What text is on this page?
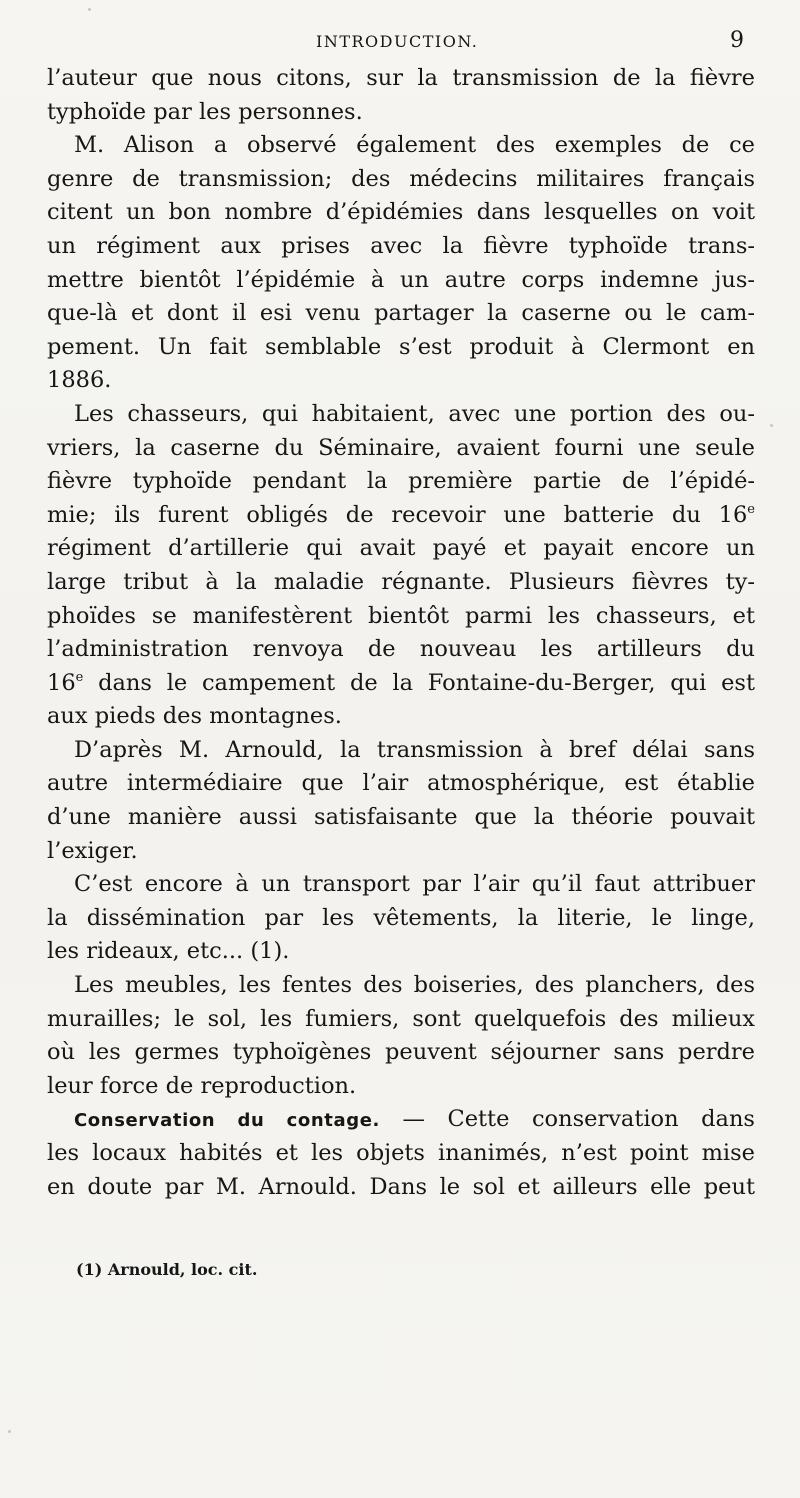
INTRODUCTION.	9
l’auteur que nous citons, sur la transmission de la fièvre
typhoïde par les personnes.
M. Alison a observé également des exemples de ce
genre de transmission; des médecins militaires français
citent un bon nombre d’épidémies dans lesquelles on voit
un régiment aux prises avec la fièvre typhoïde trans-
mettre bientôt l’épidémie à un autre corps indemne jus-
que-là et dont il esi venu partager la caserne ou le cam-
pement. Un fait semblable s’est produit à Clermont en
1886.
Les chasseurs, qui habitaient, avec une portion des ou-
vriers, la caserne du Séminaire, avaient fourni une seule
fièvre typhoïde pendant la première partie de l’épidé-
mie; ils furent obligés de recevoir une batterie du 16e
régiment d’artillerie qui avait payé et payait encore un
large tribut à la maladie régnante. Plusieurs fièvres ty-
phoïdes se manifestèrent bientôt parmi les chasseurs, et
l’administration renvoya de nouveau les artilleurs du
16e dans le campement de la Fontaine-du-Berger, qui est
aux pieds des montagnes.
D’après M. Arnould, la transmission à bref délai sans
autre intermédiaire que l’air atmosphérique, est établie
d’une manière aussi satisfaisante que la théorie pouvait
l’exiger.
C’est encore à un transport par l’air qu’il faut attribuer
la dissémination par les vêtements, la literie, le linge,
les rideaux, etc... (1).
Les meubles, les fentes des boiseries, des planchers, des
murailles; le sol, les fumiers, sont quelquefois des milieux
où les germes typhoïgènes peuvent séjourner sans perdre
leur force de reproduction.
Conservation du contage. — Cette conservation dans
les locaux habités et les objets inanimés, n’est point mise
en doute par M. Arnould. Dans le sol et ailleurs elle peut
(1) Arnould, loc. cit.
